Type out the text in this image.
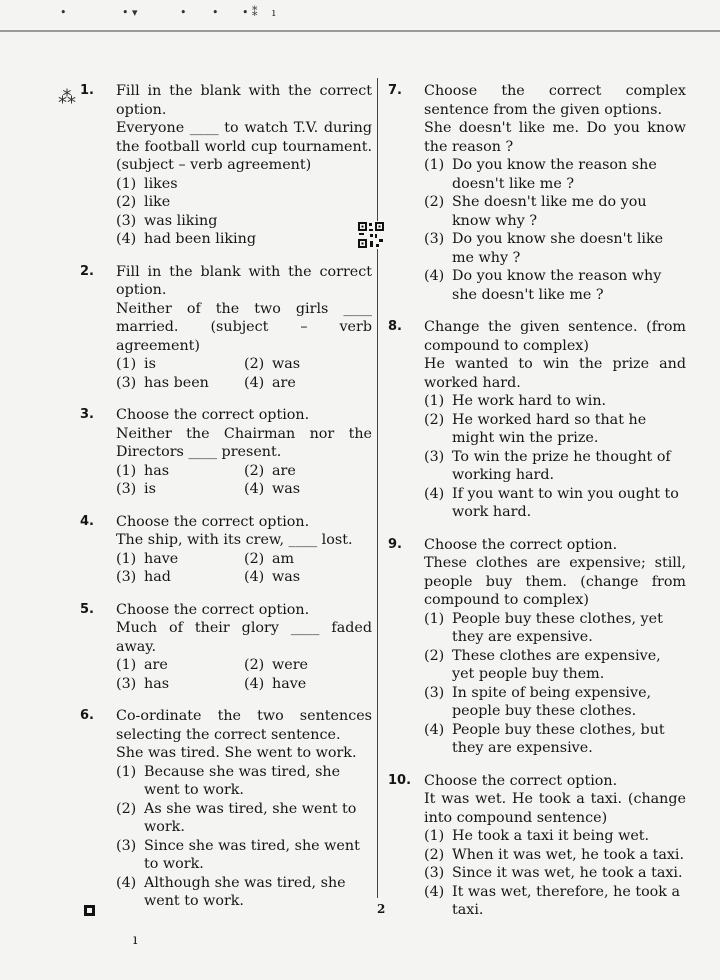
•	• ▾	• • • ⁑ ı
⁂ 1. Fill in the blank with the correct option.
Everyone ____ to watch T.V. during the football world cup tournament. (subject – verb agreement)
(1) likes
(2) like
(3) was liking
(4) had been liking
2. Fill in the blank with the correct option.
Neither of the two girls ____ married. (subject – verb agreement)
(1) is	(2) was
(3) has been	(4) are
3. Choose the correct option.
Neither the Chairman nor the Directors ____ present.
(1) has	(2) are
(3) is	(4) was
4. Choose the correct option.
The ship, with its crew, ____ lost.
(1) have	(2) am
(3) had	(4) was
5. Choose the correct option.
Much of their glory ____ faded away.
(1) are	(2) were
(3) has	(4) have
6. Co-ordinate the two sentences selecting the correct sentence.
She was tired. She went to work.
(1) Because she was tired, she went to work.
(2) As she was tired, she went to work.
(3) Since she was tired, she went to work.
(4) Although she was tired, she went to work.
7. Choose the correct complex sentence from the given options.
She doesn't like me. Do you know the reason ?
(1) Do you know the reason she doesn't like me ?
(2) She doesn't like me do you know why ?
(3) Do you know she doesn't like me why ?
(4) Do you know the reason why she doesn't like me ?
8. Change the given sentence. (from compound to complex)
He wanted to win the prize and worked hard.
(1) He work hard to win.
(2) He worked hard so that he might win the prize.
(3) To win the prize he thought of working hard.
(4) If you want to win you ought to work hard.
9. Choose the correct option.
These clothes are expensive; still, people buy them. (change from compound to complex)
(1) People buy these clothes, yet they are expensive.
(2) These clothes are expensive, yet people buy them.
(3) In spite of being expensive, people buy these clothes.
(4) People buy these clothes, but they are expensive.
10. Choose the correct option.
It was wet. He took a taxi. (change into compound sentence)
(1) He took a taxi it being wet.
(2) When it was wet, he took a taxi.
(3) Since it was wet, he took a taxi.
(4) It was wet, therefore, he took a taxi.
2
ı
